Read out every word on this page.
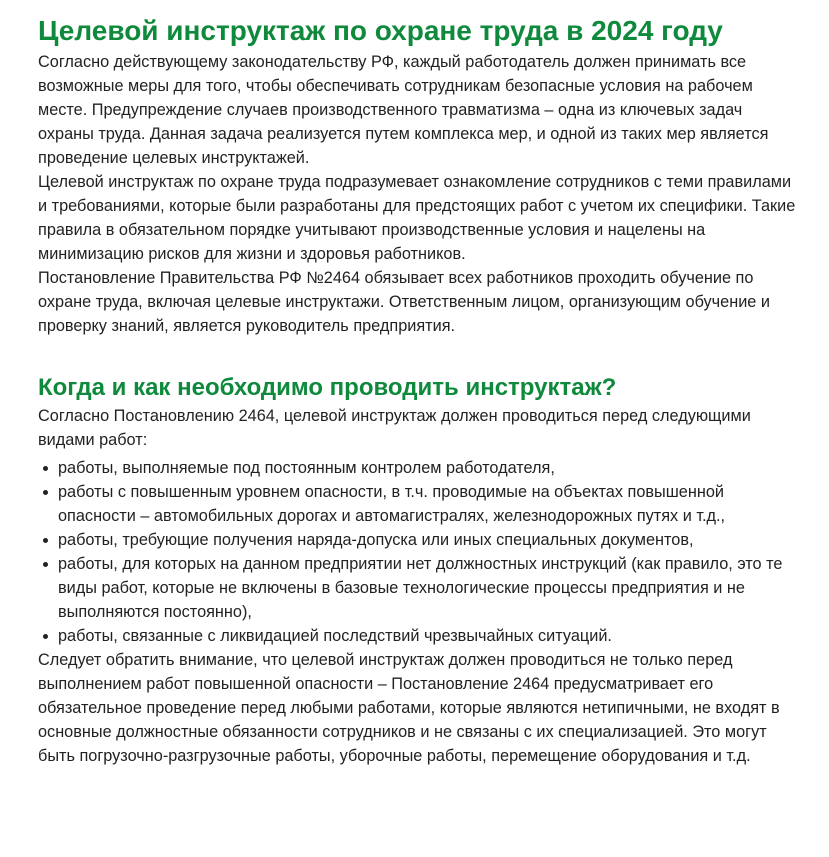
Целевой инструктаж по охране труда в 2024 году

Согласно действующему законодательству РФ, каждый работодатель должен принимать все возможные меры для того, чтобы обеспечивать сотрудникам безопасные условия на рабочем месте. Предупреждение случаев производственного травматизма – одна из ключевых задач охраны труда. Данная задача реализуется путем комплекса мер, и одной из таких мер является проведение целевых инструктажей.

Целевой инструктаж по охране труда подразумевает ознакомление сотрудников с теми правилами и требованиями, которые были разработаны для предстоящих работ с учетом их специфики. Такие правила в обязательном порядке учитывают производственные условия и нацелены на минимизацию рисков для жизни и здоровья работников.

Постановление Правительства РФ №2464 обязывает всех работников проходить обучение по охране труда, включая целевые инструктажи. Ответственным лицом, организующим обучение и проверку знаний, является руководитель предприятия.

Когда и как необходимо проводить инструктаж?

Согласно Постановлению 2464, целевой инструктаж должен проводиться перед следующими видами работ:

работы, выполняемые под постоянным контролем работодателя,
работы с повышенным уровнем опасности, в т.ч. проводимые на объектах повышенной опасности – автомобильных дорогах и автомагистралях, железнодорожных путях и т.д.,
работы, требующие получения наряда-допуска или иных специальных документов,
работы, для которых на данном предприятии нет должностных инструкций (как правило, это те виды работ, которые не включены в базовые технологические процессы предприятия и не выполняются постоянно),
работы, связанные с ликвидацией последствий чрезвычайных ситуаций.

Следует обратить внимание, что целевой инструктаж должен проводиться не только перед выполнением работ повышенной опасности – Постановление 2464 предусматривает его обязательное проведение перед любыми работами, которые являются нетипичными, не входят в основные должностные обязанности сотрудников и не связаны с их специализацией. Это могут быть погрузочно-разгрузочные работы, уборочные работы, перемещение оборудования и т.д.
